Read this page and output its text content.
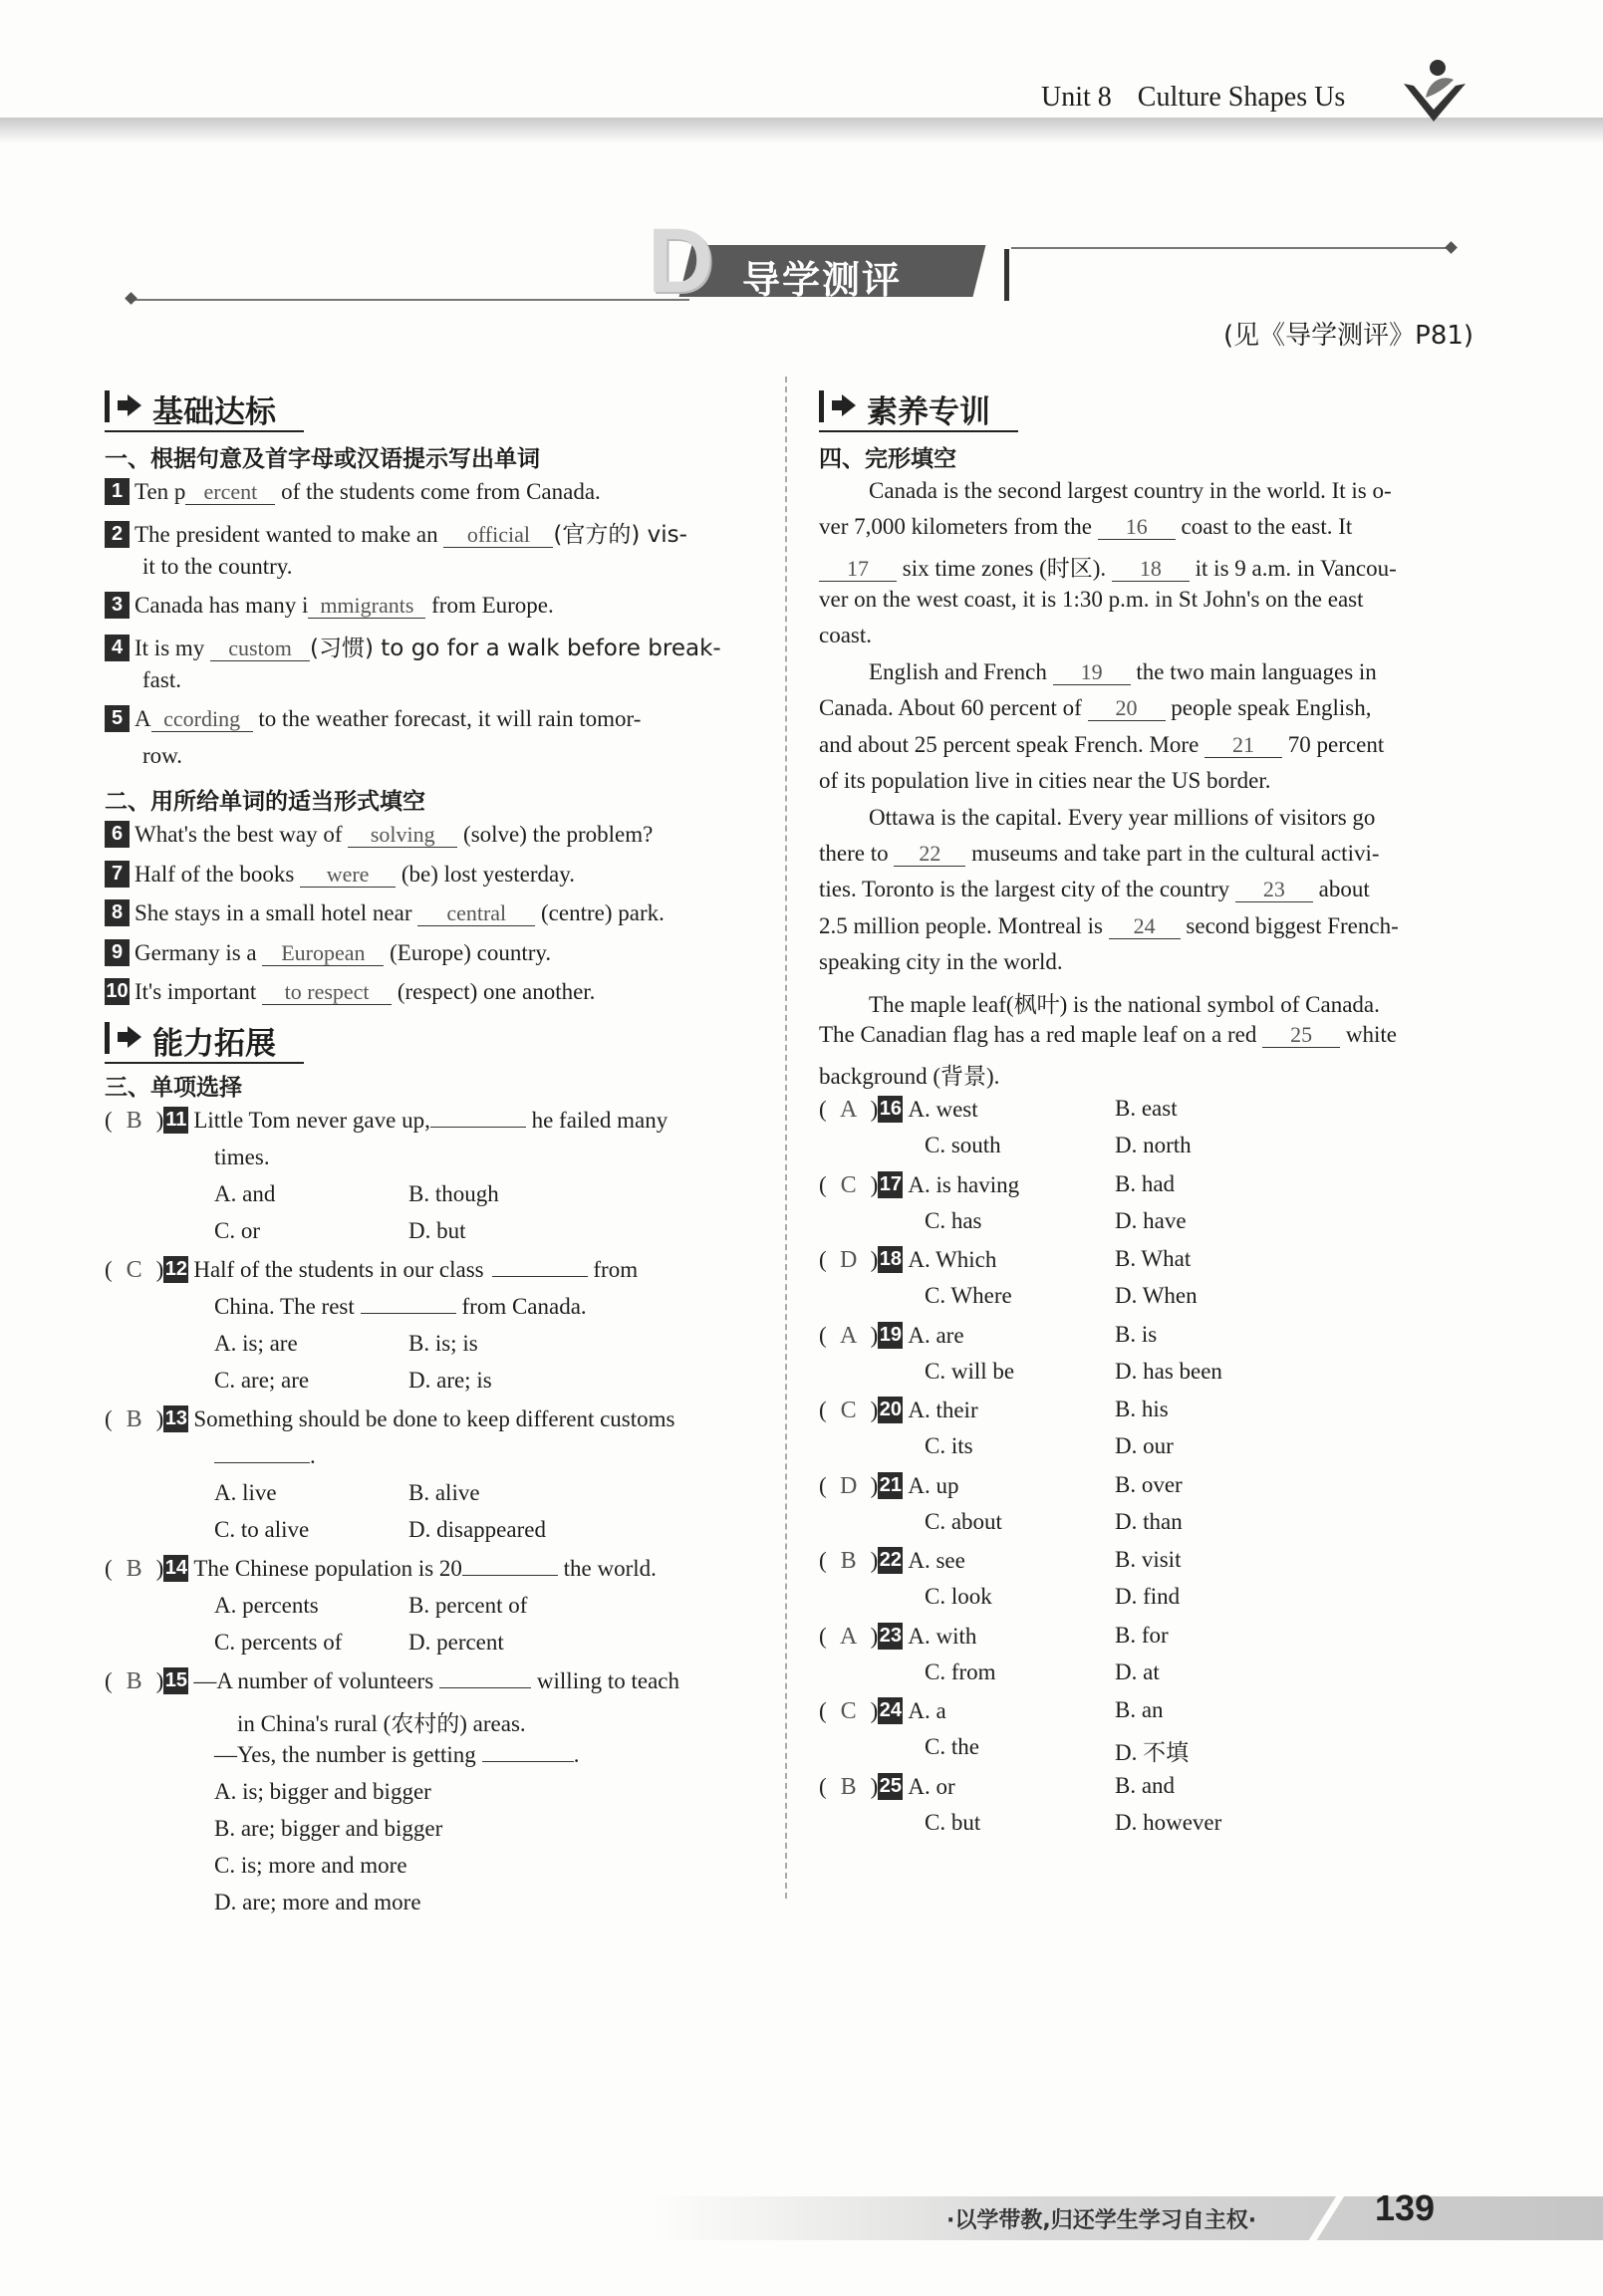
Unit 8 Culture Shapes Us
D 导学测评
(见《导学测评》P81)
基础达标
一、根据句意及首字母或汉语提示写出单词
1 Ten p ercent of the students come from Canada.
2 The president wanted to make an official (官方的) vis-
it to the country.
3 Canada has many i mmigrants from Europe.
4 It is my custom (习惯) to go for a walk before break-
fast.
5 A ccording to the weather forecast, it will rain tomor-
row.
二、用所给单词的适当形式填空
6 What's the best way of solving (solve) the problem?
7 Half of the books were (be) lost yesterday.
8 She stays in a small hotel near central (centre) park.
9 Germany is a European (Europe) country.
10 It's important to respect (respect) one another.
能力拓展
三、单项选择
( B )11 Little Tom never gave up,	he failed many
times.
A. and	B. though
C. or	D. but
( C )12 Half of the students in our class	from
China. The rest	from Canada.
A. is; are	B. is; is
C. are; are	D. are; is
( B )13 Something should be done to keep different customs
.
A. live	B. alive
C. to alive	D. disappeared
( B )14 The Chinese population is 20	the world.
A. percents	B. percent of
C. percents of	D. percent
( B )15 —A number of volunteers	willing to teach
in China's rural (农村的) areas.
—Yes, the number is getting	.
A. is; bigger and bigger
B. are; bigger and bigger
C. is; more and more
D. are; more and more
素养专训
四、完形填空
Canada is the second largest country in the world. It is o-
ver 7,000 kilometers from the 16 coast to the east. It
17 six time zones (时区). 18 it is 9 a.m. in Vancou-
ver on the west coast, it is 1:30 p.m. in St John's on the east
coast.
English and French 19 the two main languages in
Canada. About 60 percent of 20 people speak English,
and about 25 percent speak French. More 21 70 percent
of its population live in cities near the US border.
Ottawa is the capital. Every year millions of visitors go
there to 22 museums and take part in the cultural activi-
ties. Toronto is the largest city of the country 23 about
2.5 million people. Montreal is 24 second biggest French-
speaking city in the world.
The maple leaf(枫叶) is the national symbol of Canada.
The Canadian flag has a red maple leaf on a red 25 white
background (背景).
( A )16 A. west	B. east
C. south	D. north
( C )17 A. is having	B. had
C. has	D. have
( D )18 A. Which	B. What
C. Where	D. When
( A )19 A. are	B. is
C. will be	D. has been
( C )20 A. their	B. his
C. its	D. our
( D )21 A. up	B. over
C. about	D. than
( B )22 A. see	B. visit
C. look	D. find
( A )23 A. with	B. for
C. from	D. at
( C )24 A. a	B. an
C. the	D. 不填
( B )25 A. or	B. and
C. but	D. however
·以学带教,归还学生学习自主权·	139
